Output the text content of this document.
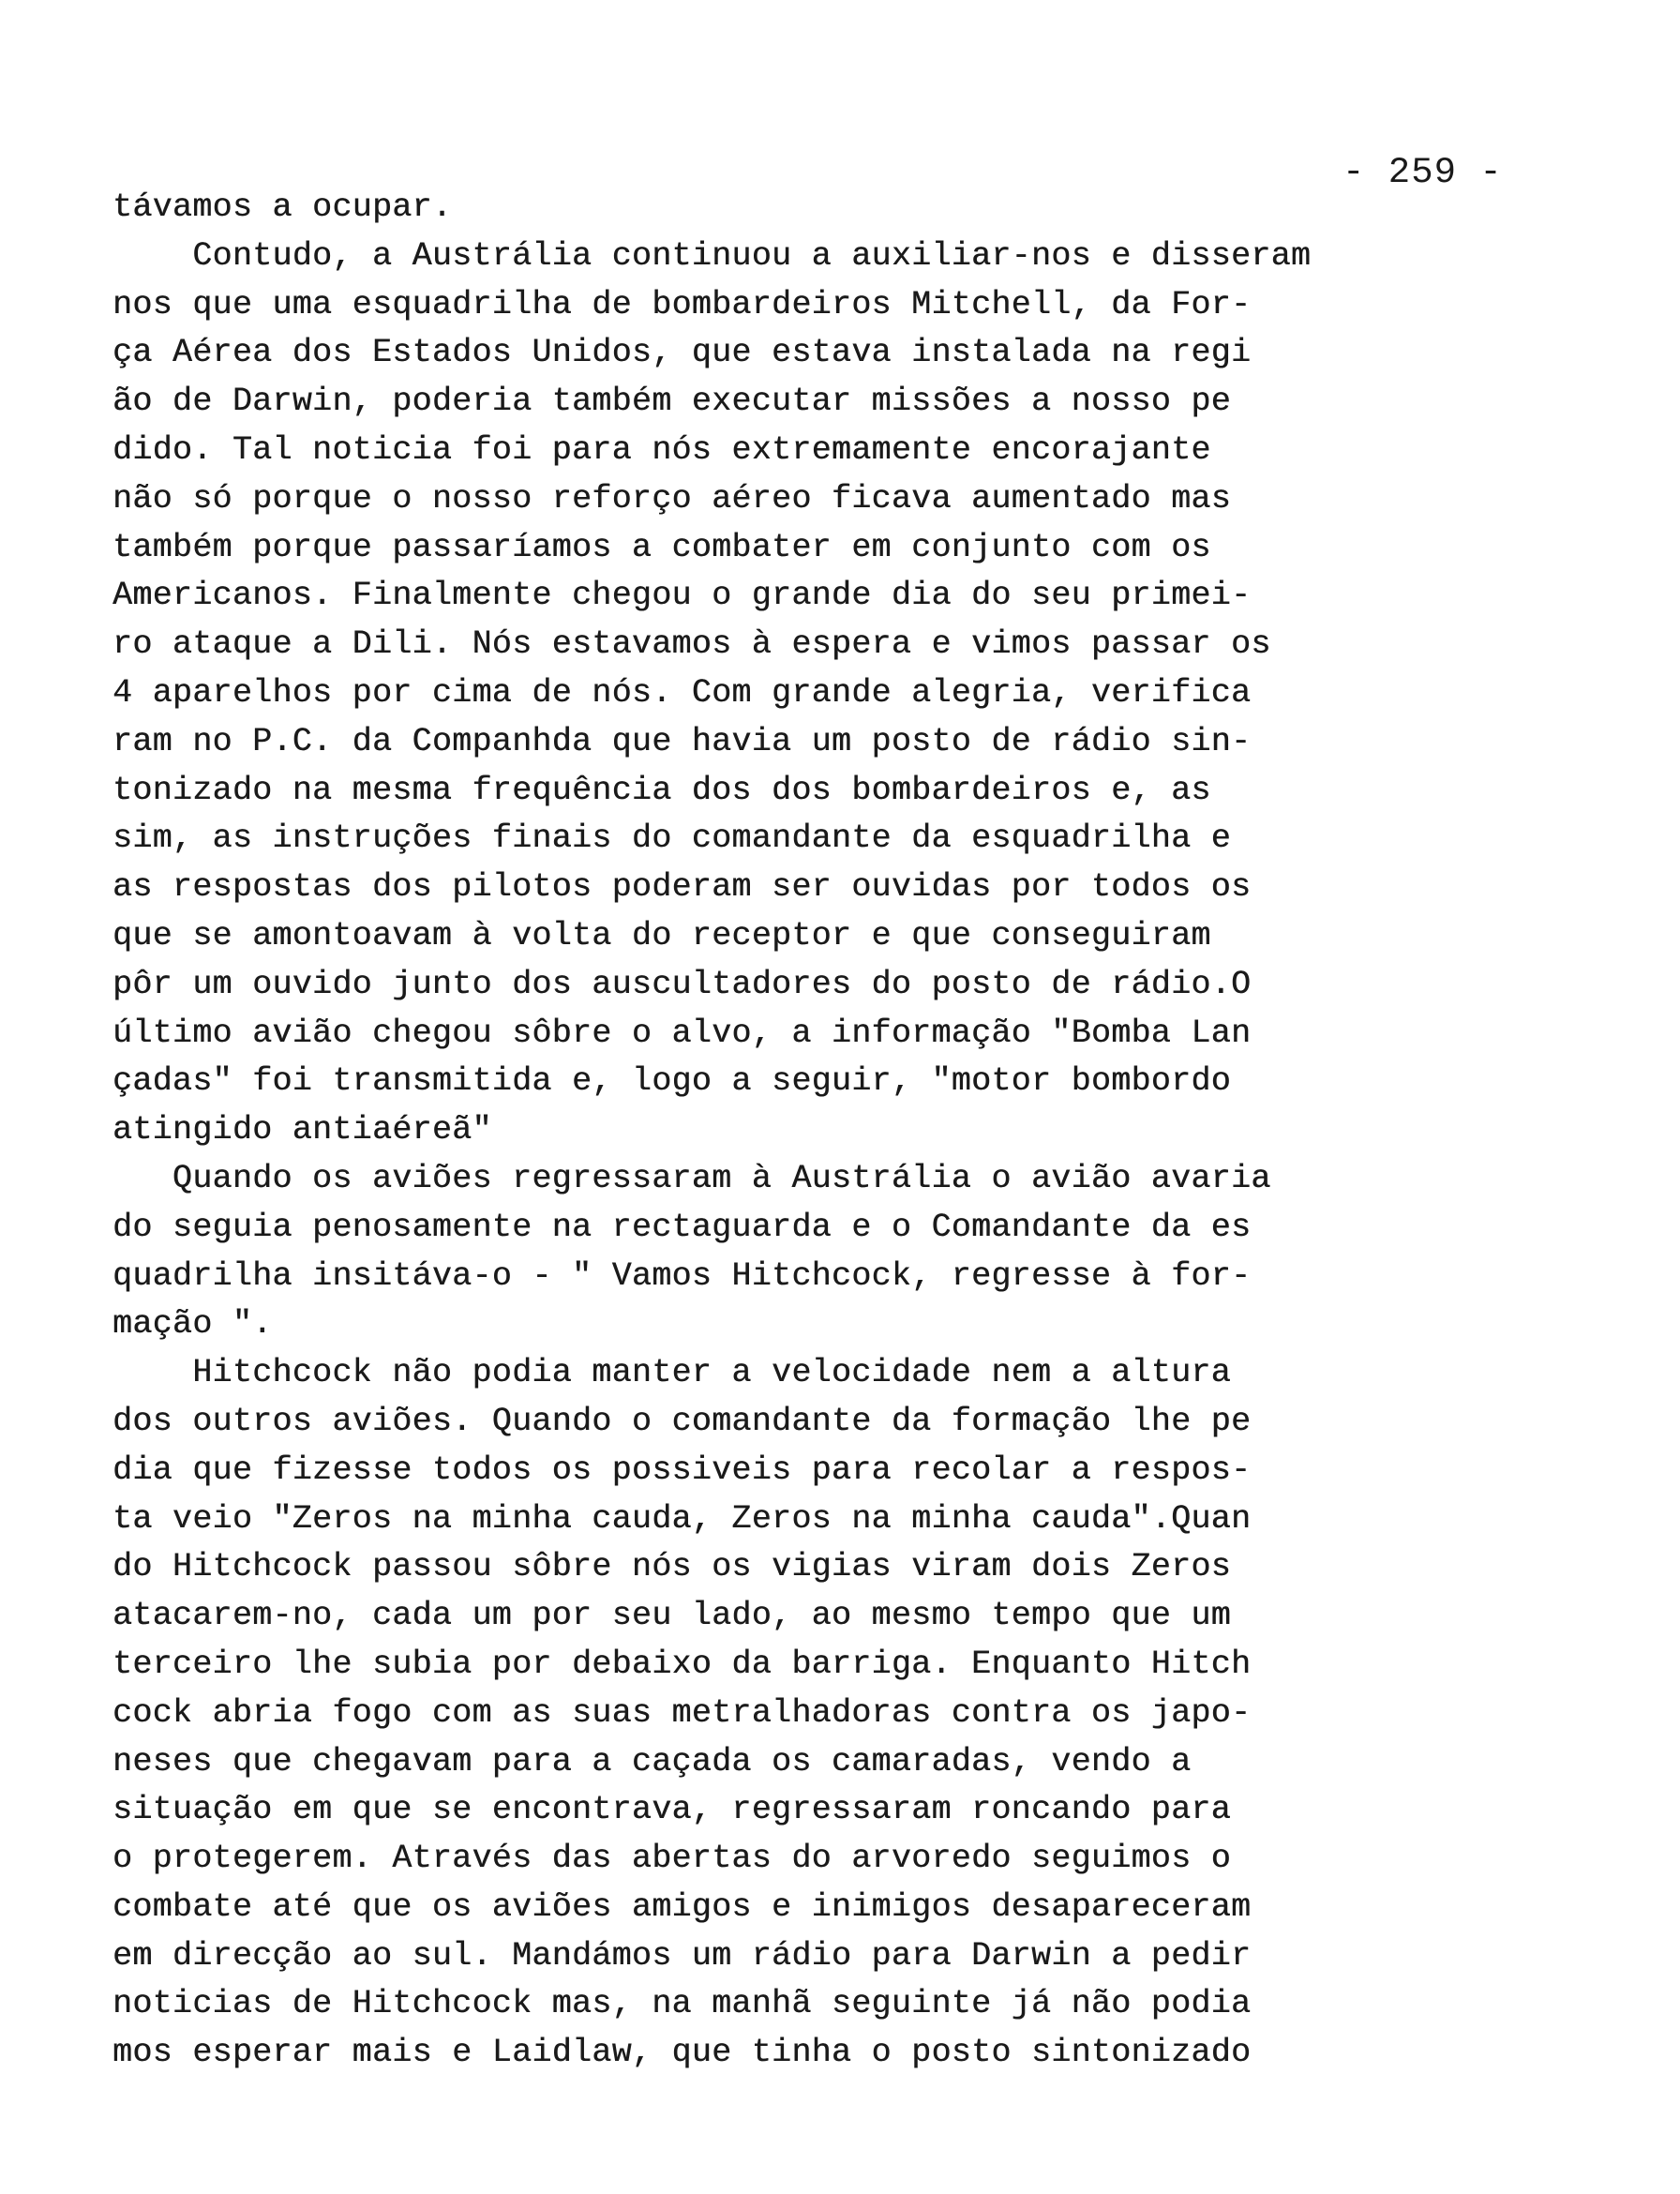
- 259 -
távamos a ocupar.
Contudo, a Austrália continuou a auxiliar-nos e disseram
nos que uma esquadrilha de bombardeiros Mitchell, da For-
ça Aérea dos Estados Unidos, que estava instalada na regi
ão de Darwin, poderia também executar missões a nosso pe
dido. Tal noticia foi para nós extremamente encorajante
não só porque o nosso reforço aéreo ficava aumentado mas
também porque passaríamos a combater em conjunto com os
Americanos. Finalmente chegou o grande dia do seu primei-
ro ataque a Dili. Nós estavamos à espera e vimos passar os
4 aparelhos por cima de nós. Com grande alegria, verifica
ram no P.C. da Companhda que havia um posto de rádio sin-
tonizado na mesma frequência dos dos bombardeiros e, as
sim, as instruções finais do comandante da esquadrilha e
as respostas dos pilotos poderam ser ouvidas por todos os
que se amontoavam à volta do receptor e que conseguiram
pôr um ouvido junto dos auscultadores do posto de rádio.O
último avião chegou sôbre o alvo, a informação "Bomba Lan
çadas" foi transmitida e, logo a seguir, "motor bombordo
atingido antiaéreã"
Quando os aviões regressaram à Austrália o avião avaria
do seguia penosamente na rectaguarda e o Comandante da es
quadrilha insitáva-o - " Vamos Hitchcock, regresse à for-
mação ".
Hitchcock não podia manter a velocidade nem a altura
dos outros aviões. Quando o comandante da formação lhe pe
dia que fizesse todos os possiveis para recolar a respos-
ta veio "Zeros na minha cauda, Zeros na minha cauda".Quan
do Hitchcock passou sôbre nós os vigias viram dois Zeros
atacarem-no, cada um por seu lado, ao mesmo tempo que um
terceiro lhe subia por debaixo da barriga. Enquanto Hitch
cock abria fogo com as suas metralhadoras contra os japo-
neses que chegavam para a caçada os camaradas, vendo a
situação em que se encontrava, regressaram roncando para
o protegerem. Através das abertas do arvoredo seguimos o
combate até que os aviões amigos e inimigos desapareceram
em direcção ao sul. Mandámos um rádio para Darwin a pedir
noticias de Hitchcock mas, na manhã seguinte já não podia
mos esperar mais e Laidlaw, que tinha o posto sintonizado
